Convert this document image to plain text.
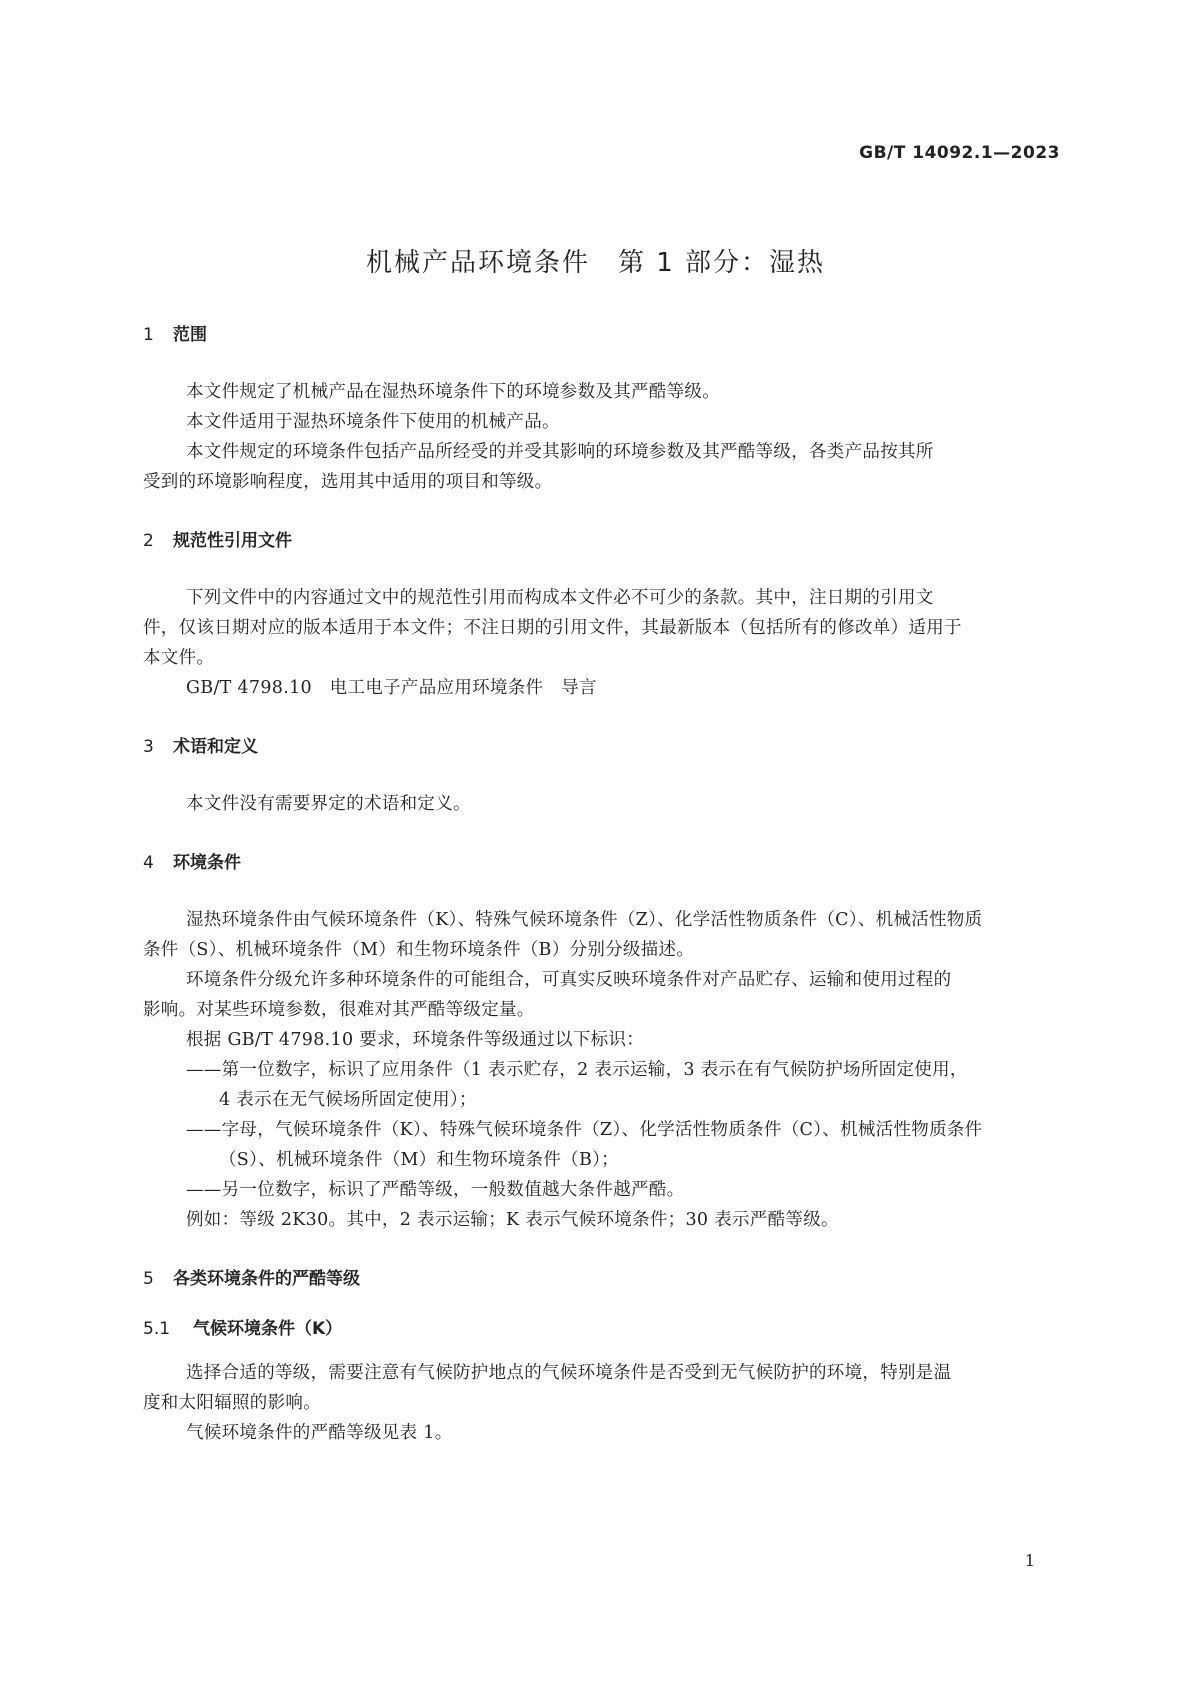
GB/T 14092.1—2023
机械产品环境条件　第 1 部分：湿热
1 范围
本文件规定了机械产品在湿热环境条件下的环境参数及其严酷等级。
本文件适用于湿热环境条件下使用的机械产品。
本文件规定的环境条件包括产品所经受的并受其影响的环境参数及其严酷等级，各类产品按其所
受到的环境影响程度，选用其中适用的项目和等级。
2 规范性引用文件
下列文件中的内容通过文中的规范性引用而构成本文件必不可少的条款。其中，注日期的引用文
件，仅该日期对应的版本适用于本文件；不注日期的引用文件，其最新版本（包括所有的修改单）适用于
本文件。
GB/T 4798.10　电工电子产品应用环境条件　导言
3 术语和定义
本文件没有需要界定的术语和定义。
4 环境条件
湿热环境条件由气候环境条件（K）、特殊气候环境条件（Z）、化学活性物质条件（C）、机械活性物质
条件（S）、机械环境条件（M）和生物环境条件（B）分别分级描述。
环境条件分级允许多种环境条件的可能组合，可真实反映环境条件对产品贮存、运输和使用过程的
影响。对某些环境参数，很难对其严酷等级定量。
根据 GB/T 4798.10 要求，环境条件等级通过以下标识：
——第一位数字，标识了应用条件（1 表示贮存，2 表示运输，3 表示在有气候防护场所固定使用，
4 表示在无气候场所固定使用）；
——字母，气候环境条件（K）、特殊气候环境条件（Z）、化学活性物质条件（C）、机械活性物质条件
（S）、机械环境条件（M）和生物环境条件（B）；
——另一位数字，标识了严酷等级，一般数值越大条件越严酷。
例如：等级 2K30。其中，2 表示运输；K 表示气候环境条件；30 表示严酷等级。
5 各类环境条件的严酷等级
5.1 气候环境条件（K）
选择合适的等级，需要注意有气候防护地点的气候环境条件是否受到无气候防护的环境，特别是温
度和太阳辐照的影响。
气候环境条件的严酷等级见表 1。
1
